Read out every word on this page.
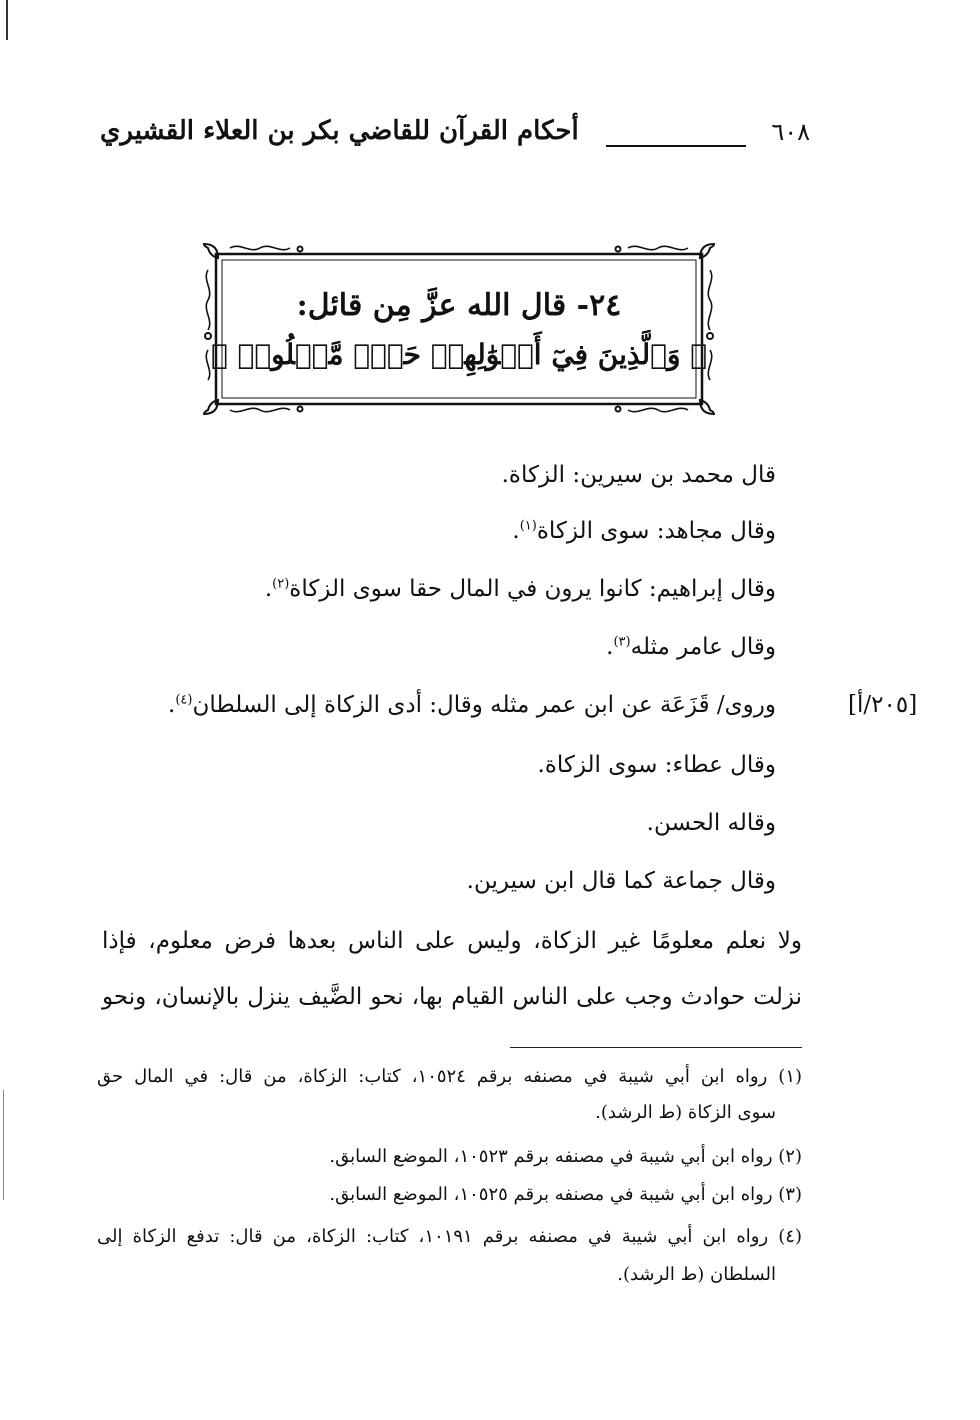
٦٠٨
أحكام القرآن للقاضي بكر بن العلاء القشيري
٢٤- قال الله عزَّ مِن قائل:
﴿ وَٱلَّذِينَ فِيٓ أَمۡوَٰلِهِمۡ حَقّٞ مَّعۡلُومٞ ﴾
قال محمد بن سيرين: الزكاة.
وقال مجاهد: سوى الزكاة$^{(١)}$.
وقال إبراهيم: كانوا يرون في المال حقا سوى الزكاة$^{(٢)}$.
وقال عامر مثله$^{(٣)}$.
وروى/ قَزَعَة عن ابن عمر مثله وقال: أدى الزكاة إلى السلطان$^{(٤)}$.	[٢٠٥/أ]
وقال عطاء: سوى الزكاة.
وقاله الحسن.
وقال جماعة كما قال ابن سيرين.
ولا نعلم معلومًا غير الزكاة، وليس على الناس بعدها فرض معلوم، فإذا
نزلت حوادث وجب على الناس القيام بها، نحو الضَّيف ينزل بالإنسان، ونحو
(١) رواه ابن أبي شيبة في مصنفه برقم ١٠٥٢٤، كتاب: الزكاة، من قال: في المال حق
سوى الزكاة (ط الرشد).
(٢) رواه ابن أبي شيبة في مصنفه برقم ١٠٥٢٣، الموضع السابق.
(٣) رواه ابن أبي شيبة في مصنفه برقم ١٠٥٢٥، الموضع السابق.
(٤) رواه ابن أبي شيبة في مصنفه برقم ١٠١٩١، كتاب: الزكاة، من قال: تدفع الزكاة إلى
السلطان (ط الرشد).
